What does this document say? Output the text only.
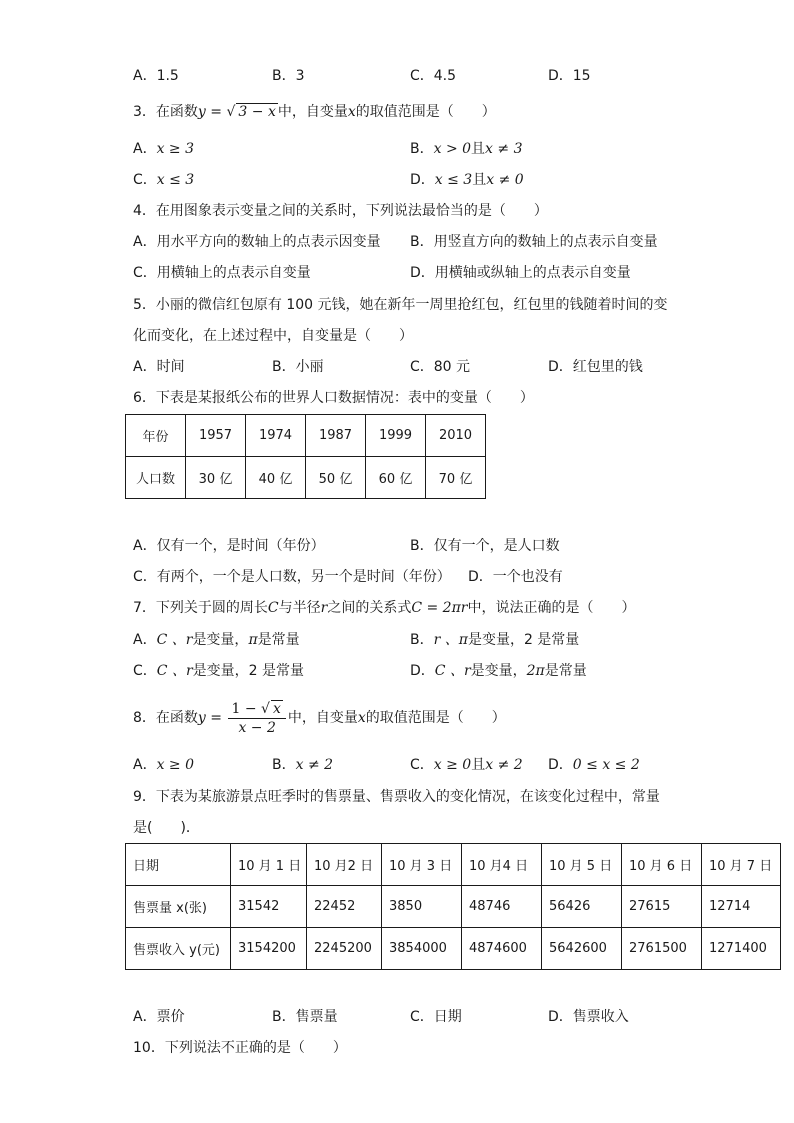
A．1.5	B．3	C．4.5	D．15
3．在函数y = √ 3 − x 中，自变量x的取值范围是（　　）
A．x ≥ 3	B．x > 0且x ≠ 3
C．x ≤ 3	D．x ≤ 3且x ≠ 0
4．在用图象表示变量之间的关系时，下列说法最恰当的是（　　）
A．用水平方向的数轴上的点表示因变量 B．用竖直方向的数轴上的点表示自变量
C．用横轴上的点表示自变量	D．用横轴或纵轴上的点表示自变量
5．小丽的微信红包原有 100 元钱，她在新年一周里抢红包，红包里的钱随着时间的变
化而变化，在上述过程中，自变量是（　　）
A．时间	B．小丽	C．80 元	D．红包里的钱
6．下表是某报纸公布的世界人口数据情况：表中的变量（　　）
年份	1957	1974	1987	1999	2010
人口数	30 亿	40 亿	50 亿	60 亿	70 亿
A．仅有一个，是时间（年份）	B．仅有一个，是人口数
C．有两个，一个是人口数，另一个是时间（年份） D．一个也没有
7．下列关于圆的周长C与半径r之间的关系式C = 2πr中，说法正确的是（　　）
A．C 、r是变量，π是常量	B．r 、π是变量，2 是常量
C．C 、r是变量，2 是常量	D．C 、r是变量，2π是常量
8．在函数$y = \frac{1 - √ x}{x - 2}$ 中，自变量x的取值范围是（　　）
A．x ≥ 0	B．x ≠ 2	C．x ≥ 0且x ≠ 2 D．0 ≤ x ≤ 2
9．下表为某旅游景点旺季时的售票量、售票收入的变化情况，在该变化过程中，常量
是(　　)．
日期	10 月 1 日	10 月2 日	10 月 3 日	10 月4 日	10 月 5 日	10 月 6 日	10 月 7 日
售票量 x(张)	31542	22452	3850	48746	56426	27615	12714
售票收入 y(元)	3154200	2245200	3854000	4874600	5642600	2761500	1271400
A．票价	B．售票量	C．日期	D．售票收入
10．下列说法不正确的是（　　）
